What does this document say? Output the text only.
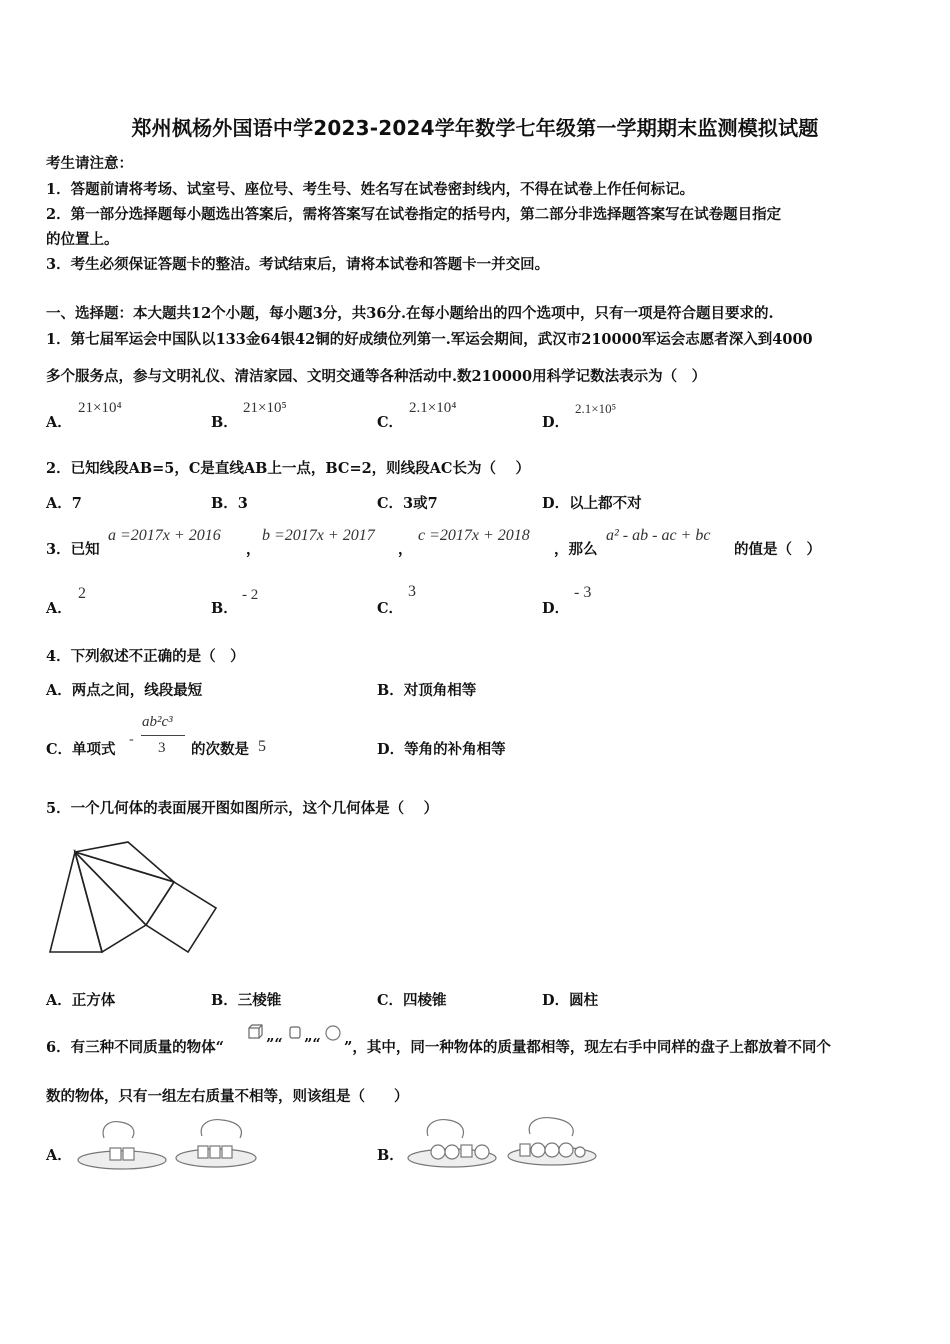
郑州枫杨外国语中学2023-2024学年数学七年级第一学期期末监测模拟试题
考生请注意：
1．答题前请将考场、试室号、座位号、考生号、姓名写在试卷密封线内，不得在试卷上作任何标记。
2．第一部分选择题每小题选出答案后，需将答案写在试卷指定的括号内，第二部分非选择题答案写在试卷题目指定
的位置上。
3．考生必须保证答题卡的整洁。考试结束后，请将本试卷和答题卡一并交回。
一、选择题：本大题共12个小题，每小题3分，共36分.在每小题给出的四个选项中，只有一项是符合题目要求的.
1．第七届军运会中国队以133金64银42铜的好成绩位列第一.军运会期间，武汉市210000军运会志愿者深入到4000
多个服务点，参与文明礼仪、清洁家园、文明交通等各种活动中.数210000用科学记数法表示为（　）
A．
21×10⁴
B．
21×10⁵
C．
2.1×10⁴
D．
2.1×10⁵
2．已知线段AB=5，C是直线AB上一点，BC=2，则线段AC长为（　 ）
A．7	B．3	C．3或7	D．以上都不对
3．已知
a =2017x + 2016
，
b =2017x + 2017
，
c =2017x + 2018
，那么
a² - ab - ac + bc
的值是（　）
A．
2
B．
- 2
C．
3
D．
- 3
4．下列叙述不正确的是（　）
A．两点之间，线段最短	B．对顶角相等
C．单项式
-
ab²c³
3 的次数是 5	D．等角的补角相等
5．一个几何体的表面展开图如图所示，这个几何体是（　 ）
A．正方体	B．三棱锥	C．四棱锥	D．圆柱
6．有三种不同质量的物体“	”“ ”“ ”，其中，同一种物体的质量都相等，现左右手中同样的盘子上都放着不同个
数的物体，只有一组左右质量不相等，则该组是（　　）
A．	B．
